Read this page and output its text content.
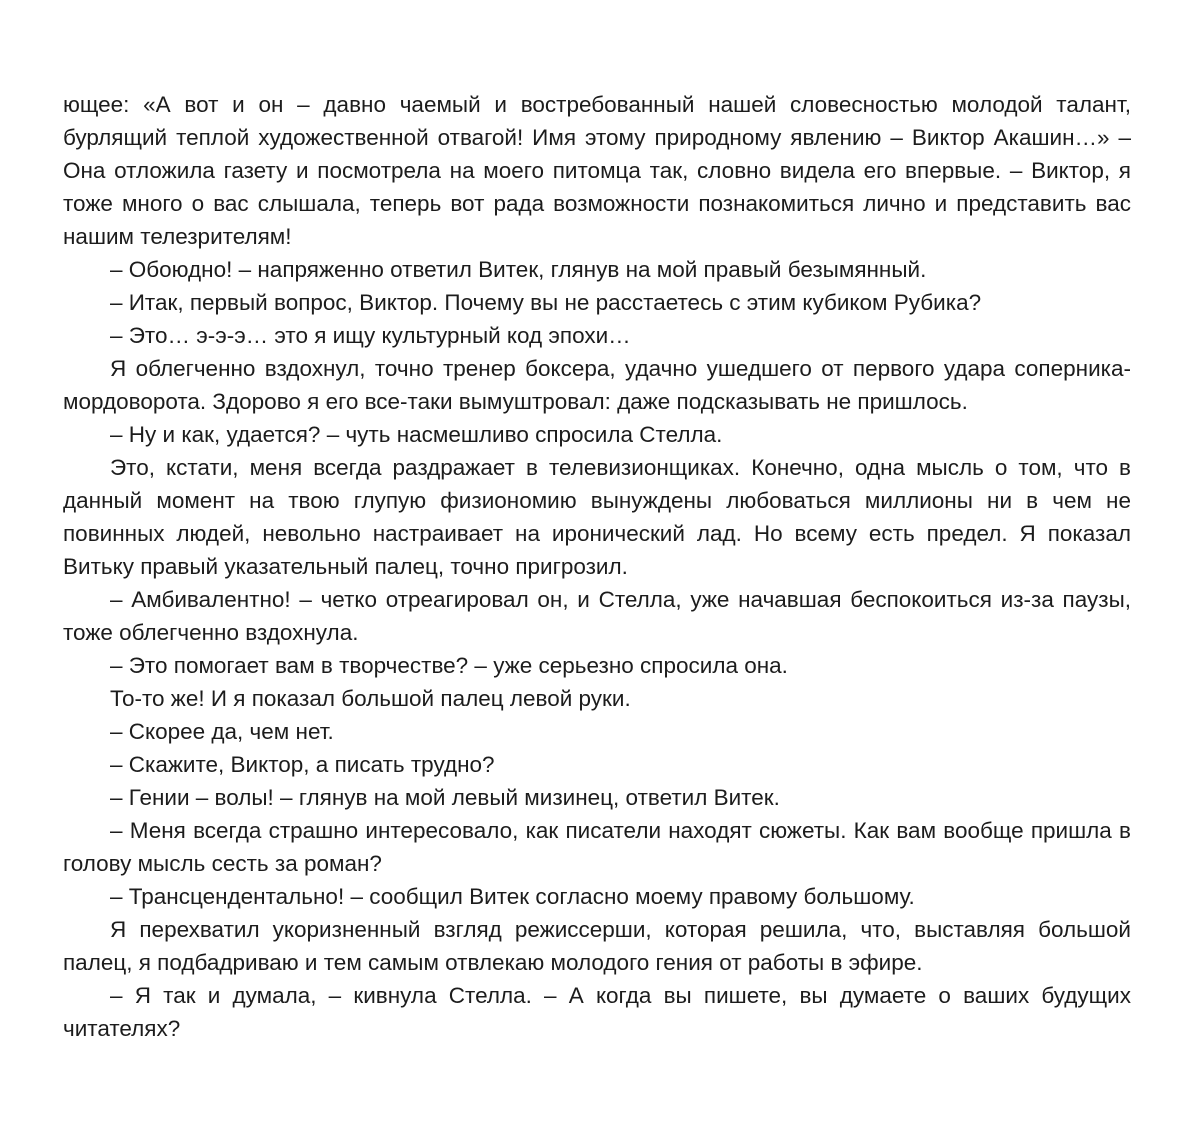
ющее: «А вот и он – давно чаемый и востребованный нашей словесностью молодой талант, бурлящий теплой художественной отвагой! Имя этому природному явлению – Виктор Акашин…» – Она отложила газету и посмотрела на моего питомца так, словно видела его впервые. – Виктор, я тоже много о вас слышала, теперь вот рада возможности познакомиться лично и представить вас нашим телезрителям!

– Обоюдно! – напряженно ответил Витек, глянув на мой правый безымянный.

– Итак, первый вопрос, Виктор. Почему вы не расстаетесь с этим кубиком Рубика?

– Это… э-э-э… это я ищу культурный код эпохи…

Я облегченно вздохнул, точно тренер боксера, удачно ушедшего от первого удара соперника-мордоворота. Здорово я его все-таки вымуштровал: даже подсказывать не пришлось.

– Ну и как, удается? – чуть насмешливо спросила Стелла.

Это, кстати, меня всегда раздражает в телевизионщиках. Конечно, одна мысль о том, что в данный момент на твою глупую физиономию вынуждены любоваться миллионы ни в чем не повинных людей, невольно настраивает на иронический лад. Но всему есть предел. Я показал Витьку правый указательный палец, точно пригрозил.

– Амбивалентно! – четко отреагировал он, и Стелла, уже начавшая беспокоиться из-за паузы, тоже облегченно вздохнула.

– Это помогает вам в творчестве? – уже серьезно спросила она.

То-то же! И я показал большой палец левой руки.

– Скорее да, чем нет.

– Скажите, Виктор, а писать трудно?

– Гении – волы! – глянув на мой левый мизинец, ответил Витек.

– Меня всегда страшно интересовало, как писатели находят сюжеты. Как вам вообще пришла в голову мысль сесть за роман?

– Трансцендентально! – сообщил Витек согласно моему правому большому.

Я перехватил укоризненный взгляд режиссерши, которая решила, что, выставляя большой палец, я подбадриваю и тем самым отвлекаю молодого гения от работы в эфире.

– Я так и думала, – кивнула Стелла. – А когда вы пишете, вы думаете о ваших будущих читателях?
